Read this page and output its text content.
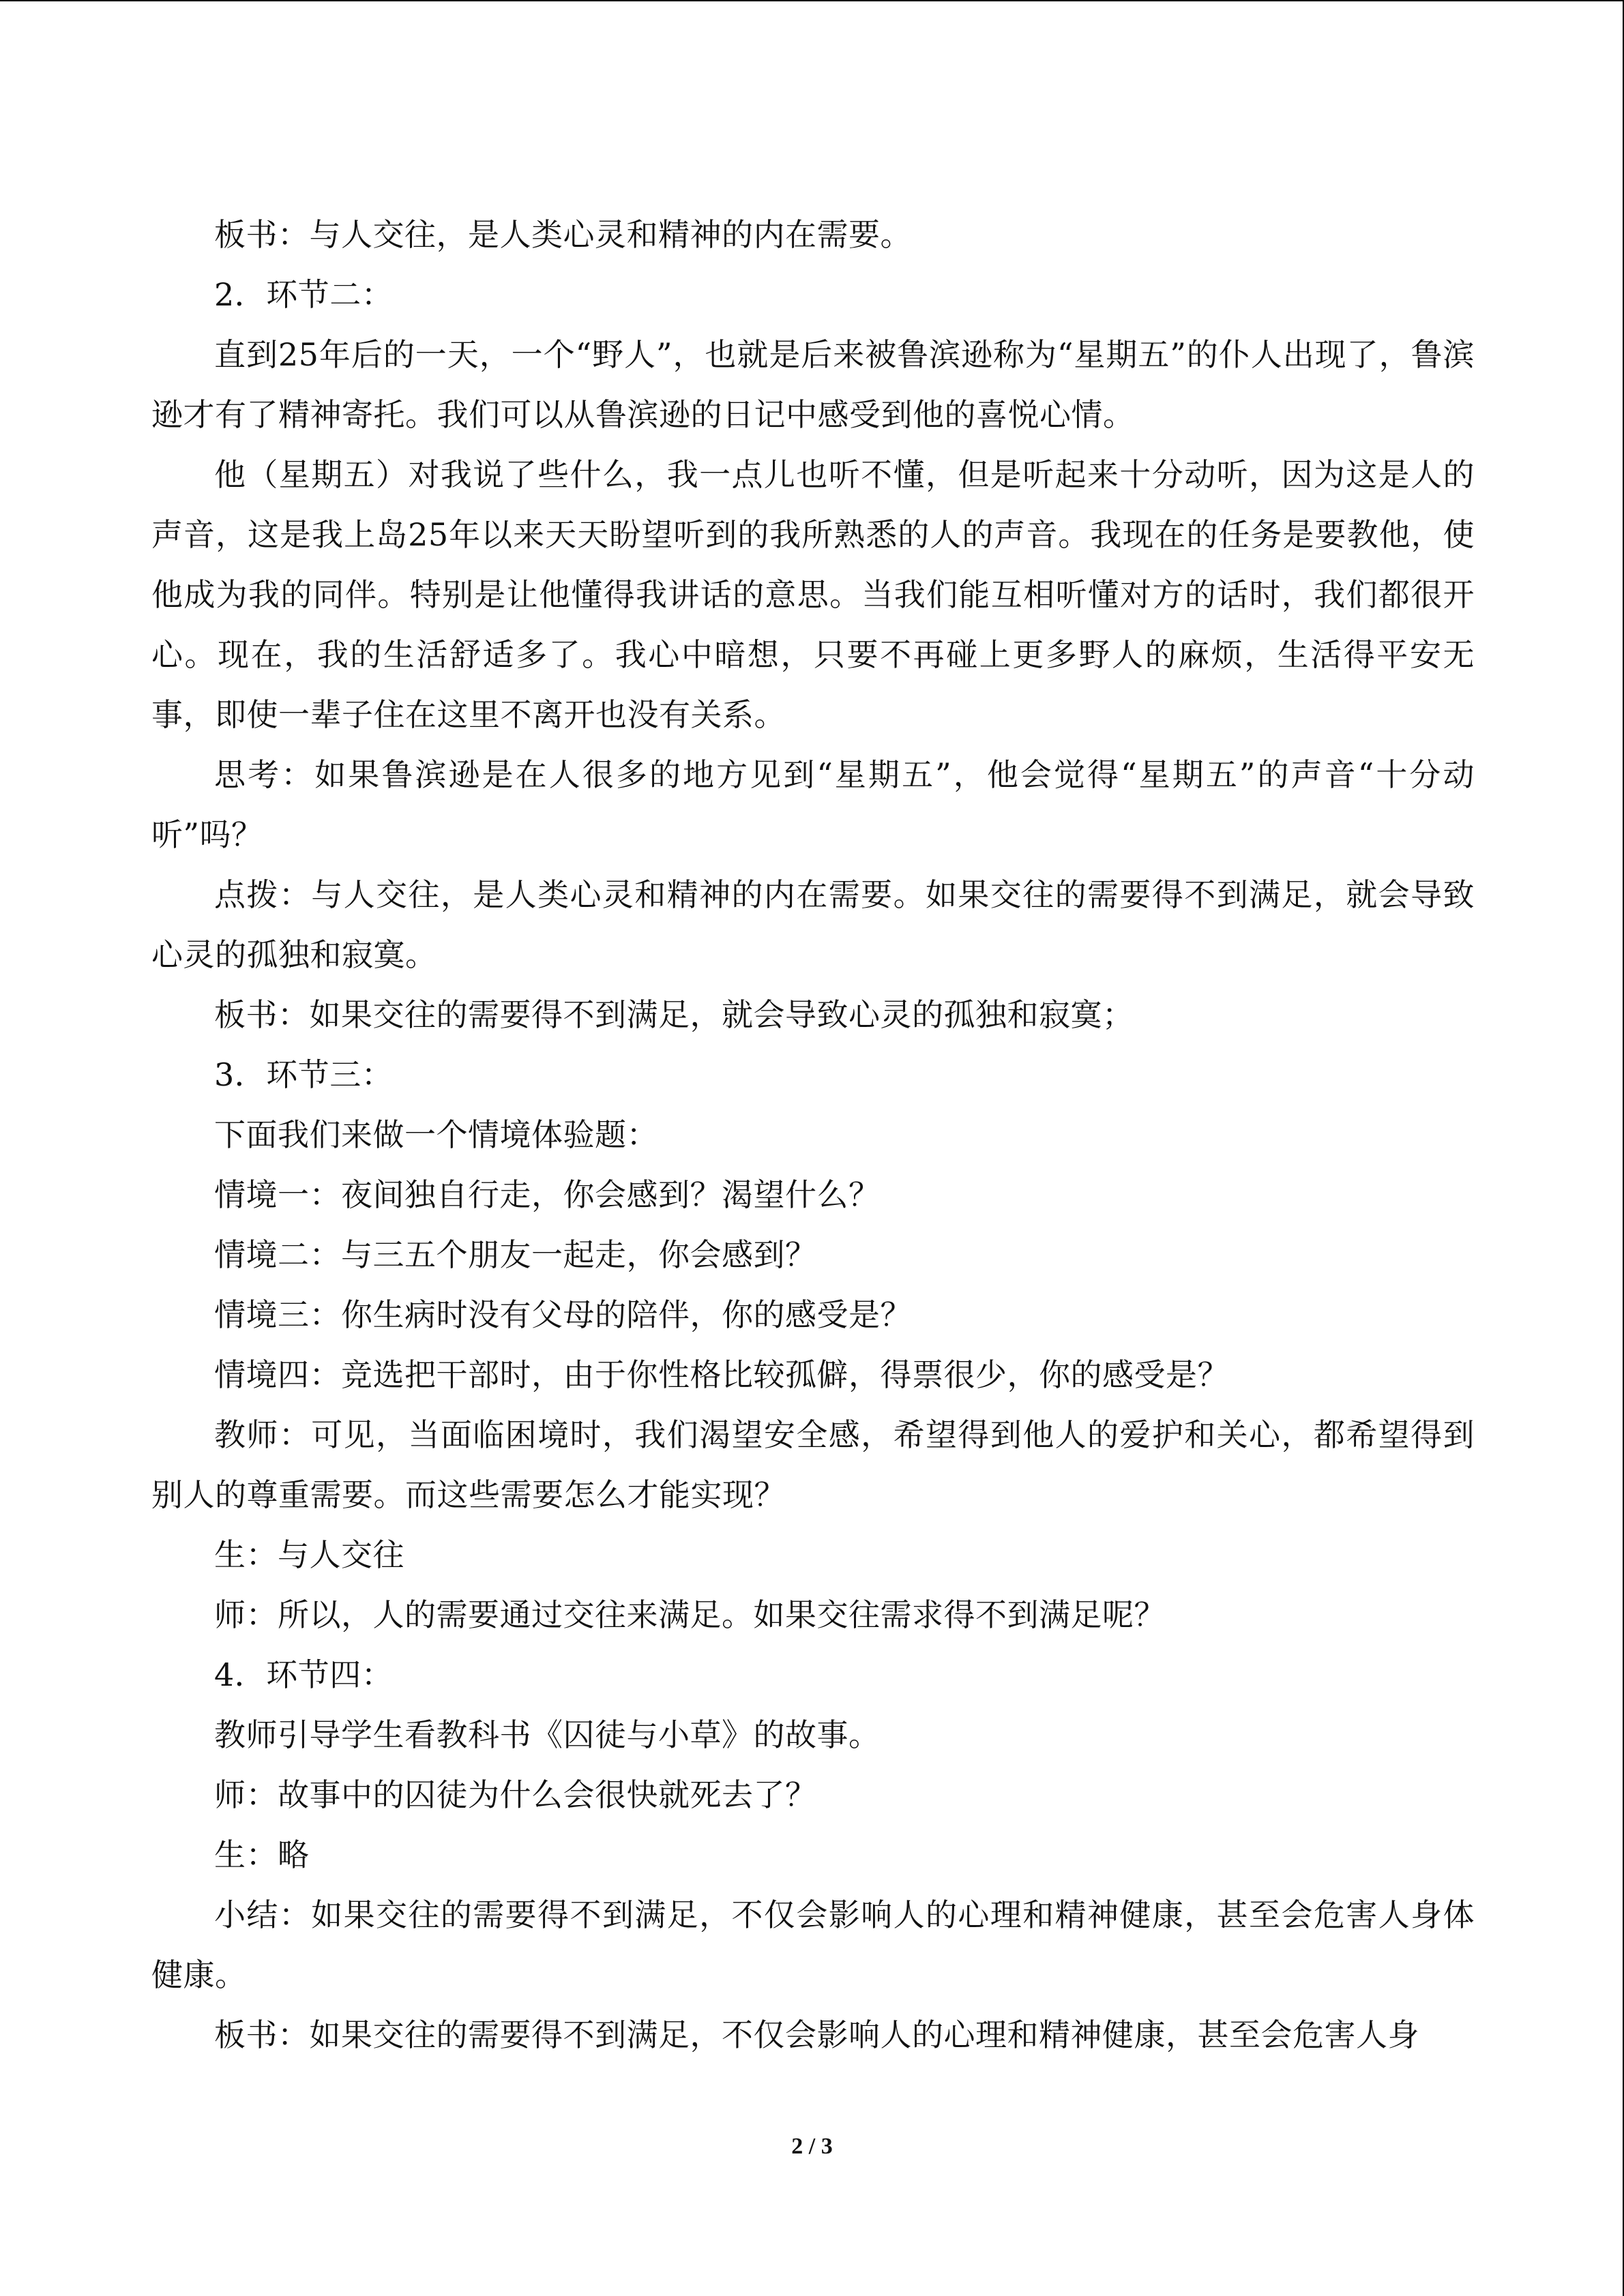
板书：与人交往，是人类心灵和精神的内在需要。

2．环节二：

直到25年后的一天，一个“野人”，也就是后来被鲁滨逊称为“星期五”的仆人出现了，鲁滨逊才有了精神寄托。我们可以从鲁滨逊的日记中感受到他的喜悦心情。

他（星期五）对我说了些什么，我一点儿也听不懂，但是听起来十分动听，因为这是人的声音，这是我上岛25年以来天天盼望听到的我所熟悉的人的声音。我现在的任务是要教他，使他成为我的同伴。特别是让他懂得我讲话的意思。当我们能互相听懂对方的话时，我们都很开心。现在，我的生活舒适多了。我心中暗想，只要不再碰上更多野人的麻烦，生活得平安无事，即使一辈子住在这里不离开也没有关系。

思考：如果鲁滨逊是在人很多的地方见到“星期五”，他会觉得“星期五”的声音“十分动听”吗？

点拨：与人交往，是人类心灵和精神的内在需要。如果交往的需要得不到满足，就会导致心灵的孤独和寂寞。

板书：如果交往的需要得不到满足，就会导致心灵的孤独和寂寞；

3．环节三：

下面我们来做一个情境体验题：

情境一：夜间独自行走，你会感到？渴望什么？

情境二：与三五个朋友一起走，你会感到？

情境三：你生病时没有父母的陪伴，你的感受是？

情境四：竞选把干部时，由于你性格比较孤僻，得票很少，你的感受是？

教师：可见，当面临困境时，我们渴望安全感，希望得到他人的爱护和关心，都希望得到别人的尊重需要。而这些需要怎么才能实现？

生：与人交往

师：所以，人的需要通过交往来满足。如果交往需求得不到满足呢？

4．环节四：

教师引导学生看教科书《囚徒与小草》的故事。

师：故事中的囚徒为什么会很快就死去了？

生：略

小结：如果交往的需要得不到满足，不仅会影响人的心理和精神健康，甚至会危害人身体健康。

板书：如果交往的需要得不到满足，不仅会影响人的心理和精神健康，甚至会危害人身

2 / 3
